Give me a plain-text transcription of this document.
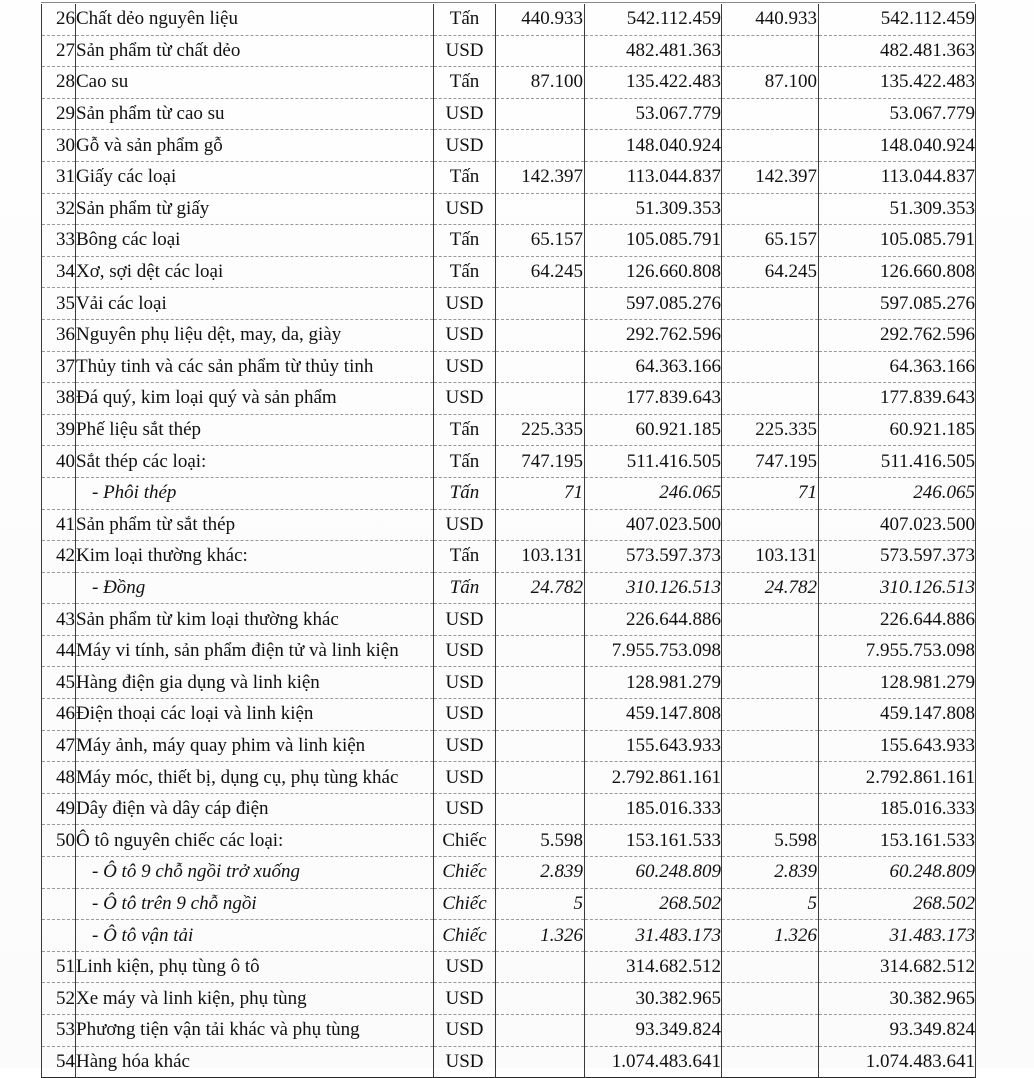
26	Chất dẻo nguyên liệu	Tấn	440.933	542.112.459	440.933	542.112.459
27	Sản phẩm từ chất dẻo	USD		482.481.363		482.481.363
28	Cao su	Tấn	87.100	135.422.483	87.100	135.422.483
29	Sản phẩm từ cao su	USD		53.067.779		53.067.779
30	Gỗ và sản phẩm gỗ	USD		148.040.924		148.040.924
31	Giấy các loại	Tấn	142.397	113.044.837	142.397	113.044.837
32	Sản phẩm từ giấy	USD		51.309.353		51.309.353
33	Bông các loại	Tấn	65.157	105.085.791	65.157	105.085.791
34	Xơ, sợi dệt các loại	Tấn	64.245	126.660.808	64.245	126.660.808
35	Vải các loại	USD		597.085.276		597.085.276
36	Nguyên phụ liệu dệt, may, da, giày	USD		292.762.596		292.762.596
37	Thủy tinh và các sản phẩm từ thủy tinh	USD		64.363.166		64.363.166
38	Đá quý, kim loại quý và sản phẩm	USD		177.839.643		177.839.643
39	Phế liệu sắt thép	Tấn	225.335	60.921.185	225.335	60.921.185
40	Sắt thép các loại:	Tấn	747.195	511.416.505	747.195	511.416.505
	- Phôi thép	Tấn	71	246.065	71	246.065
41	Sản phẩm từ sắt thép	USD		407.023.500		407.023.500
42	Kim loại thường khác:	Tấn	103.131	573.597.373	103.131	573.597.373
	- Đồng	Tấn	24.782	310.126.513	24.782	310.126.513
43	Sản phẩm từ kim loại thường khác	USD		226.644.886		226.644.886
44	Máy vi tính, sản phẩm điện tử và linh kiện	USD		7.955.753.098		7.955.753.098
45	Hàng điện gia dụng và linh kiện	USD		128.981.279		128.981.279
46	Điện thoại các loại và linh kiện	USD		459.147.808		459.147.808
47	Máy ảnh, máy quay phim và linh kiện	USD		155.643.933		155.643.933
48	Máy móc, thiết bị, dụng cụ, phụ tùng khác	USD		2.792.861.161		2.792.861.161
49	Dây điện và dây cáp điện	USD		185.016.333		185.016.333
50	Ô tô nguyên chiếc các loại:	Chiếc	5.598	153.161.533	5.598	153.161.533
	- Ô tô 9 chỗ ngồi trở xuống	Chiếc	2.839	60.248.809	2.839	60.248.809
	- Ô tô trên 9 chỗ ngồi	Chiếc	5	268.502	5	268.502
	- Ô tô vận tải	Chiếc	1.326	31.483.173	1.326	31.483.173
51	Linh kiện, phụ tùng ô tô	USD		314.682.512		314.682.512
52	Xe máy và linh kiện, phụ tùng	USD		30.382.965		30.382.965
53	Phương tiện vận tải khác và phụ tùng	USD		93.349.824		93.349.824
54	Hàng hóa khác	USD		1.074.483.641		1.074.483.641
